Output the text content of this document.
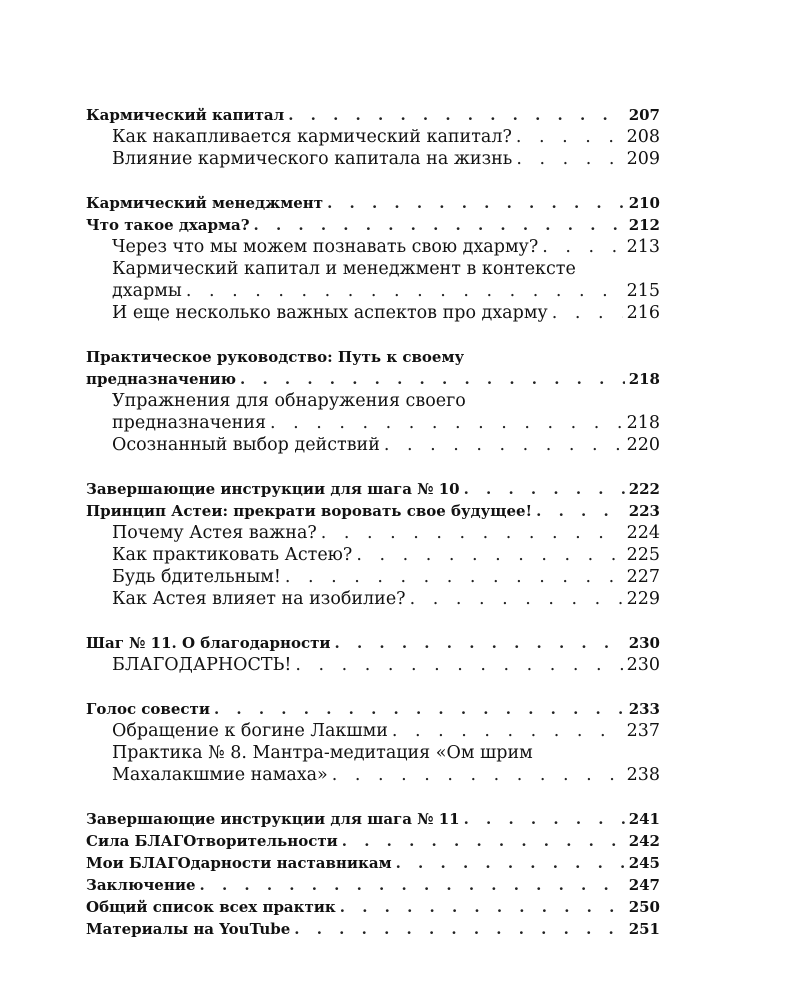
Кармический капитал . . .	207
Как накапливается кармический капитал? . . .	208
Влияние кармического капитала на жизнь . . .	209
Кармический менеджмент . . .	210
Что такое дхарма? . . .	212
Через что мы можем познавать свою дхарму? . . .	213
Кармический капитал и менеджмент в контексте
дхармы . . .	215
И еще несколько важных аспектов про дхарму . . .	216
Практическое руководство: Путь к своему
предназначению . . .	218
Упражнения для обнаружения своего
предназначения . . .	218
Осознанный выбор действий . . .	220
Завершающие инструкции для шага № 10 . . .	222
Принцип Астеи: прекрати воровать свое будущее! . . .	223
Почему Астея важна? . . .	224
Как практиковать Астею? . . .	225
Будь бдительным! . . .	227
Как Астея влияет на изобилие? . . .	229
Шаг № 11. О благодарности . . .	230
БЛАГОДАРНОСТЬ! . . .	230
Голос совести . . .	233
Обращение к богине Лакшми . . .	237
Практика № 8. Мантра-медитация «Ом шрим
Махалакшмие намаха» . . .	238
Завершающие инструкции для шага № 11 . . .	241
Сила БЛАГОтворительности . . .	242
Мои БЛАГОдарности наставникам . . .	245
Заключение . . .	247
Общий список всех практик . . .	250
Материалы на YouTube . . .	251
